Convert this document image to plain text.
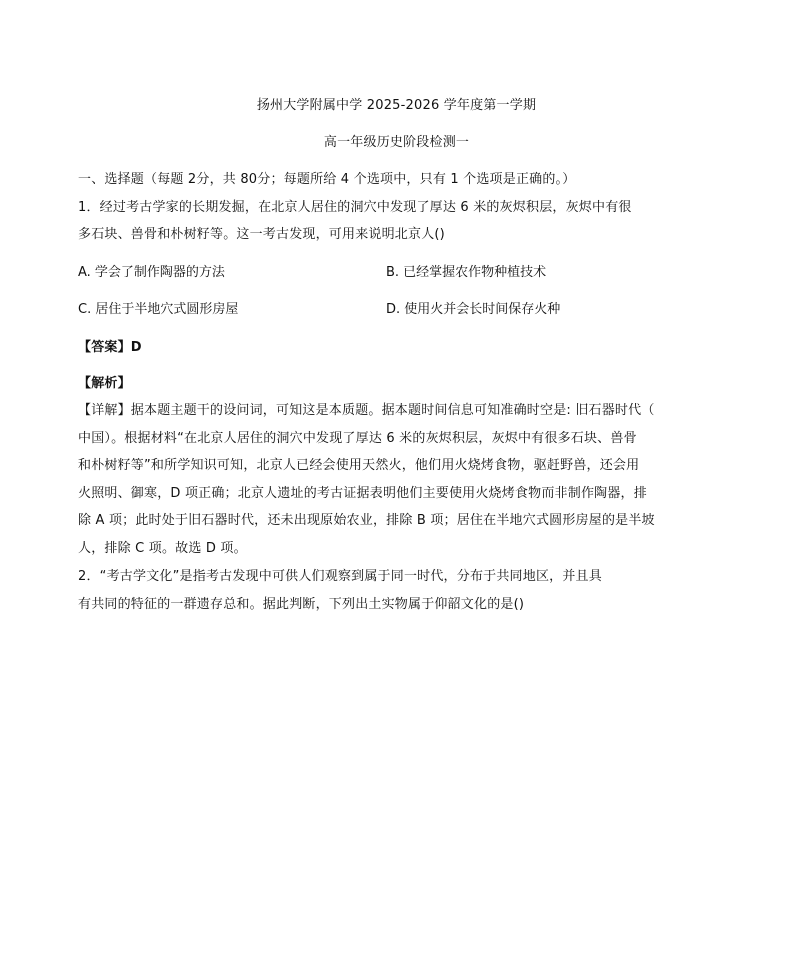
扬州大学附属中学 2025-2026 学年度第一学期
高一年级历史阶段检测一
一、选择题（每题 2分，共 80分；每题所给 4 个选项中，只有 1 个选项是正确的。）
1．经过考古学家的长期发掘，在北京人居住的洞穴中发现了厚达 6 米的灰烬积层，灰烬中有很
多石块、兽骨和朴树籽等。这一考古发现，可用来说明北京人()
A. 学会了制作陶器的方法	B. 已经掌握农作物种植技术
C. 居住于半地穴式圆形房屋	D. 使用火并会长时间保存火种
【答案】D
【解析】
【详解】据本题主题干的设问词，可知这是本质题。据本题时间信息可知准确时空是: 旧石器时代（
中国）。根据材料“在北京人居住的洞穴中发现了厚达 6 米的灰烬积层，灰烬中有很多石块、兽骨
和朴树籽等”和所学知识可知，北京人已经会使用天然火，他们用火烧烤食物，驱赶野兽，还会用
火照明、御寒，D 项正确；北京人遗址的考古证据表明他们主要使用火烧烤食物而非制作陶器，排
除 A 项；此时处于旧石器时代，还未出现原始农业，排除 B 项；居住在半地穴式圆形房屋的是半坡
人，排除 C 项。故选 D 项。
2．“考古学文化”是指考古发现中可供人们观察到属于同一时代，分布于共同地区，并且具
有共同的特征的一群遗存总和。据此判断，下列出土实物属于仰韶文化的是()
